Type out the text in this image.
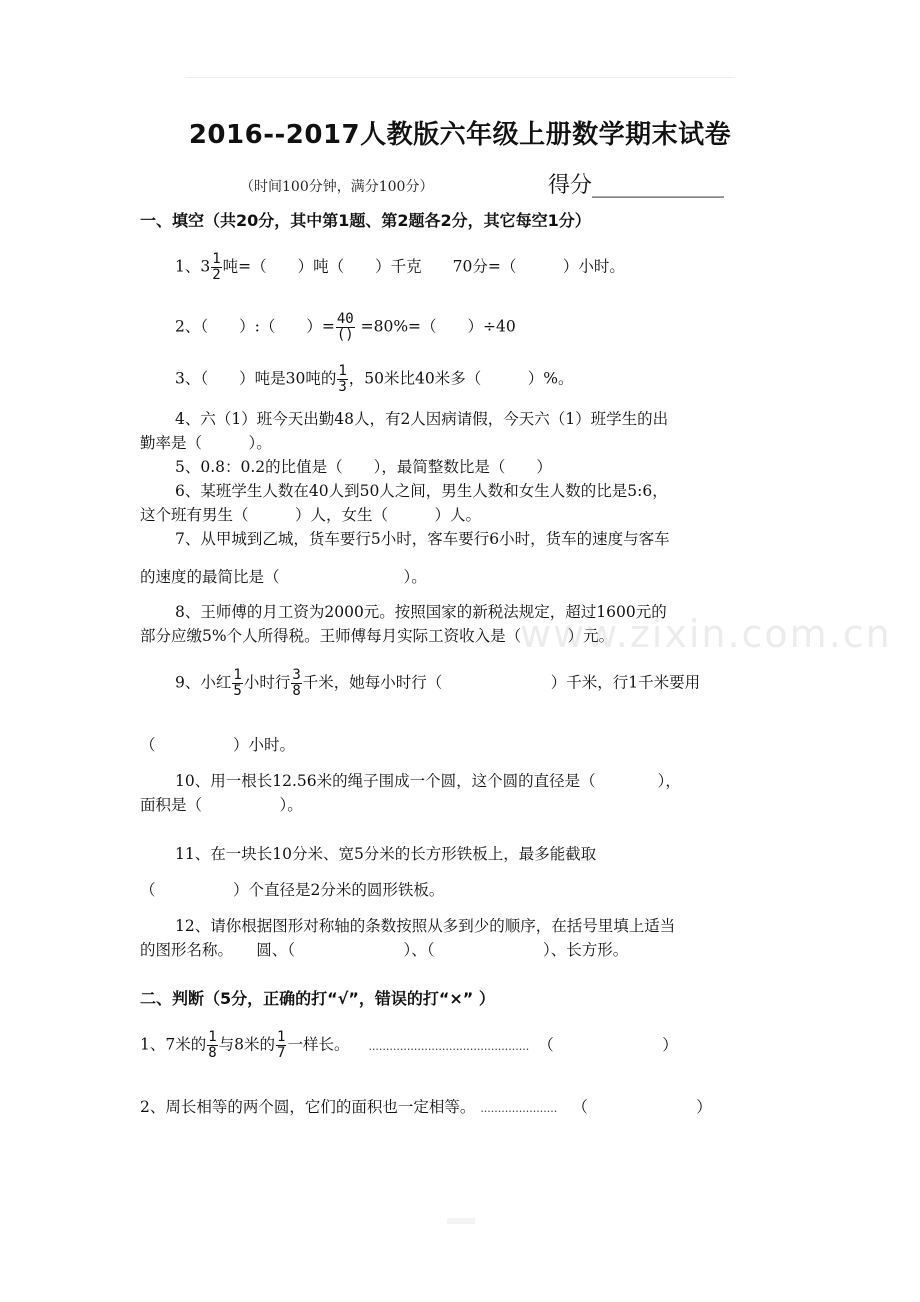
2016--2017人教版六年级上册数学期末试卷
（时间100分钟，满分100分）	得分____________
一、填空（共20分，其中第1题、第2题各2分，其它每空1分）
1、$3 \frac{1}{2}$ 吨=（　　）吨（　　）千克　　70分=（　　　）小时。
2、（　　）:（　　）= $\frac{40}{()} =80\%=$（　　）÷40
3、（　　）吨是30吨的 $\frac{1}{3}$ ，50米比40米多（　　　）%。
4、六（1）班今天出勤48人，有2人因病请假，今天六（1）班学生的出
勤率是（　　　）。
5、0.8：0.2的比值是（　　），最简整数比是（　　）
6、某班学生人数在40人到50人之间，男生人数和女生人数的比是5:6，
这个班有男生（　　　）人，女生（　　　）人。
7、从甲城到乙城，货车要行5小时，客车要行6小时，货车的速度与客车
的速度的最简比是（　　　　　　　　）。
8、王师傅的月工资为2000元。按照国家的新税法规定，超过1600元的
部分应缴5%个人所得税。王师傅每月实际工资收入是（　　　）元。
www.zixin.com.cn
9、小红 $\frac{1}{5}$ 小时行 $\frac{3}{8}$ 千米，她每小时行（　　　　　　　）千米，行1千米要用
（　　　　　）小时。
10、用一根长12.56米的绳子围成一个圆，这个圆的直径是（　　　　），
面积是（　　　　　）。
11、在一块长10分米、宽5分米的长方形铁板上，最多能截取
（　　　　　）个直径是2分米的圆形铁板。
12、请你根据图形对称轴的条数按照从多到少的顺序，在括号里填上适当
的图形名称。　　圆、（　　　　　　　）、（　　　　　　　）、长方形。
二、判断（5分，正确的打“√”，错误的打“×” ）
1、7米的 $\frac{1}{8}$ 与8米的 $\frac{1}{7}$ 一样长。 .............................................. （　　　　　　　）
2、周长相等的两个圆，它们的面积也一定相等。 ...................... （　　　　　　　）
